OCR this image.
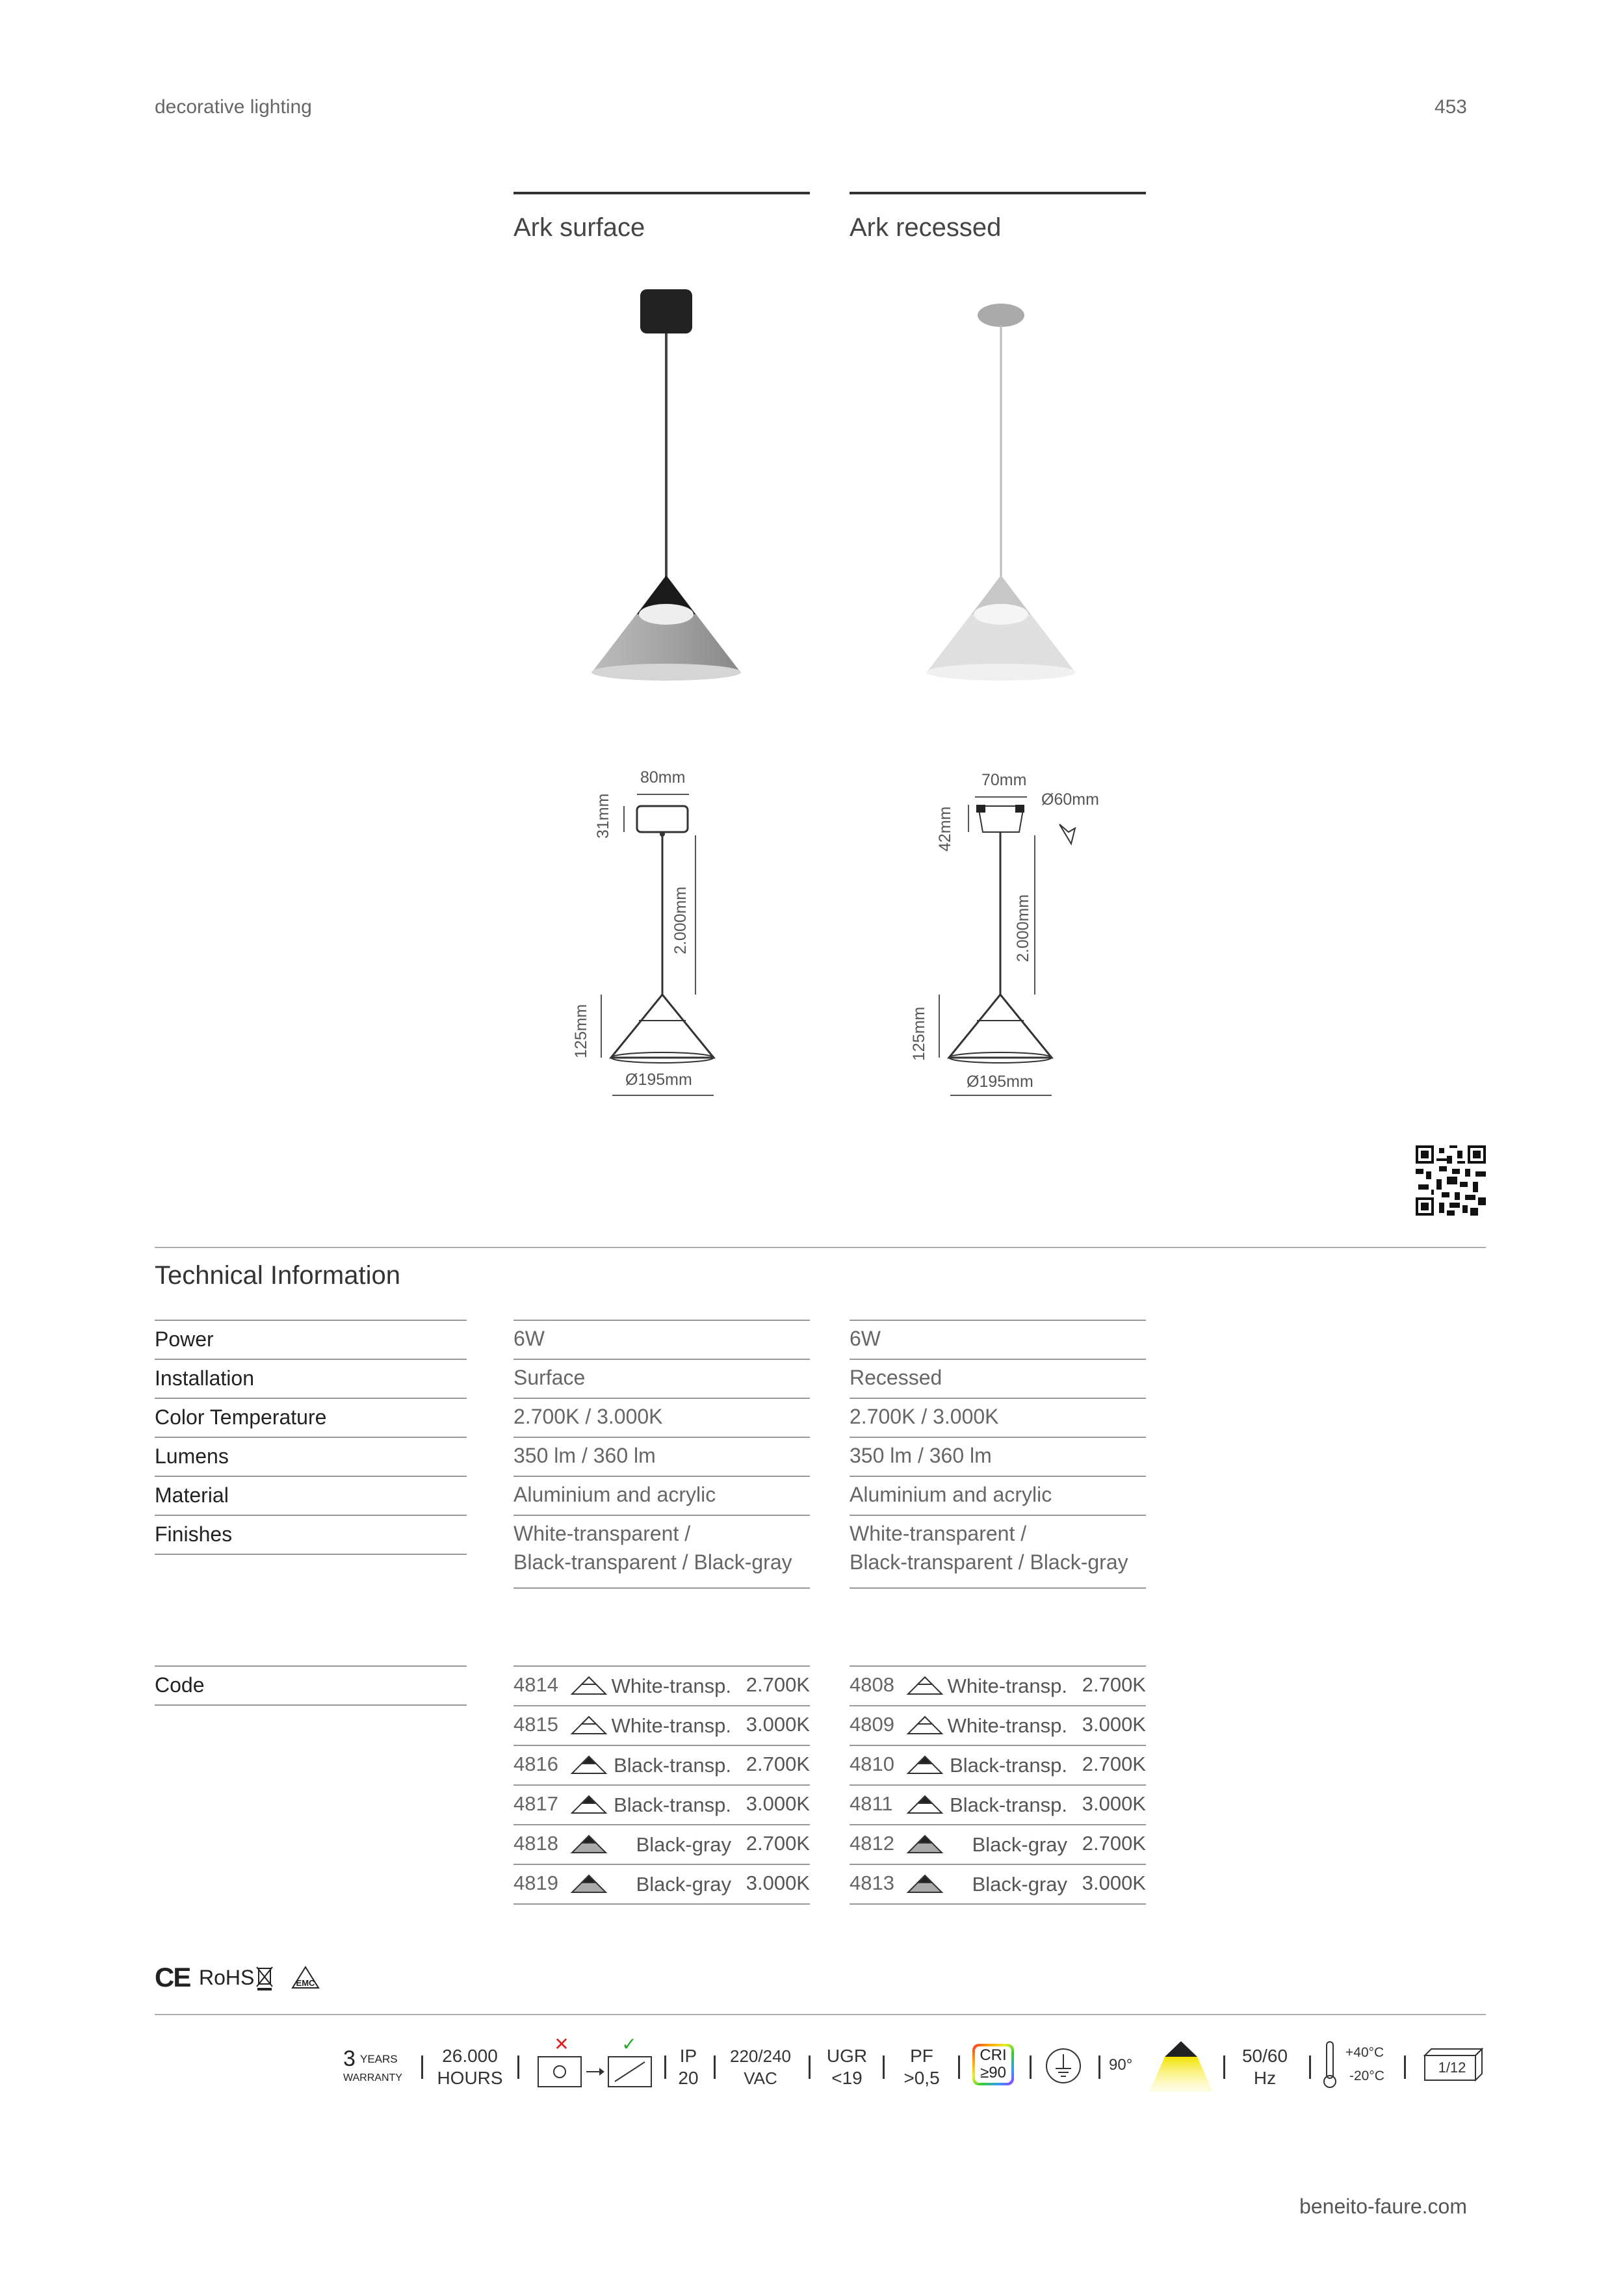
decorative lighting	453
Ark surface	Ark recessed
80mm
31mm
2.000mm
125mm
Ø195mm
70mm
42mm
Ø60mm
2.000mm
125mm
Ø195mm
Technical Information
Power	6W	6W
Installation	Surface	Recessed
Color Temperature	2.700K / 3.000K	2.700K / 3.000K
Lumens	350 lm / 360 lm	350 lm / 360 lm
Material	Aluminium and acrylic	Aluminium and acrylic
Finishes	White-transparent /
Black-transparent / Black-gray
White-transparent /
Black-transparent / Black-gray
Code	4814	White-transp. 2.700K
4815	White-transp. 3.000K
4816	Black-transp. 2.700K
4817	Black-transp. 3.000K
4818	Black-gray 2.700K
4819	Black-gray 3.000K
4808	White-transp. 2.700K
4809	White-transp. 3.000K
4810	Black-transp. 2.700K
4811	Black-transp. 3.000K
4812	Black-gray 2.700K
4813	Black-gray 3.000K
CE RoHS	EMC
3 YEARS
WARRANTY
26.000
HOURS
✕	✓
IP
20
220/240
VAC
UGR
<19
PF
>0,5
CRI
≥90	90°	50/60
Hz
+40°C
-20°C
1/12
beneito-faure.com
